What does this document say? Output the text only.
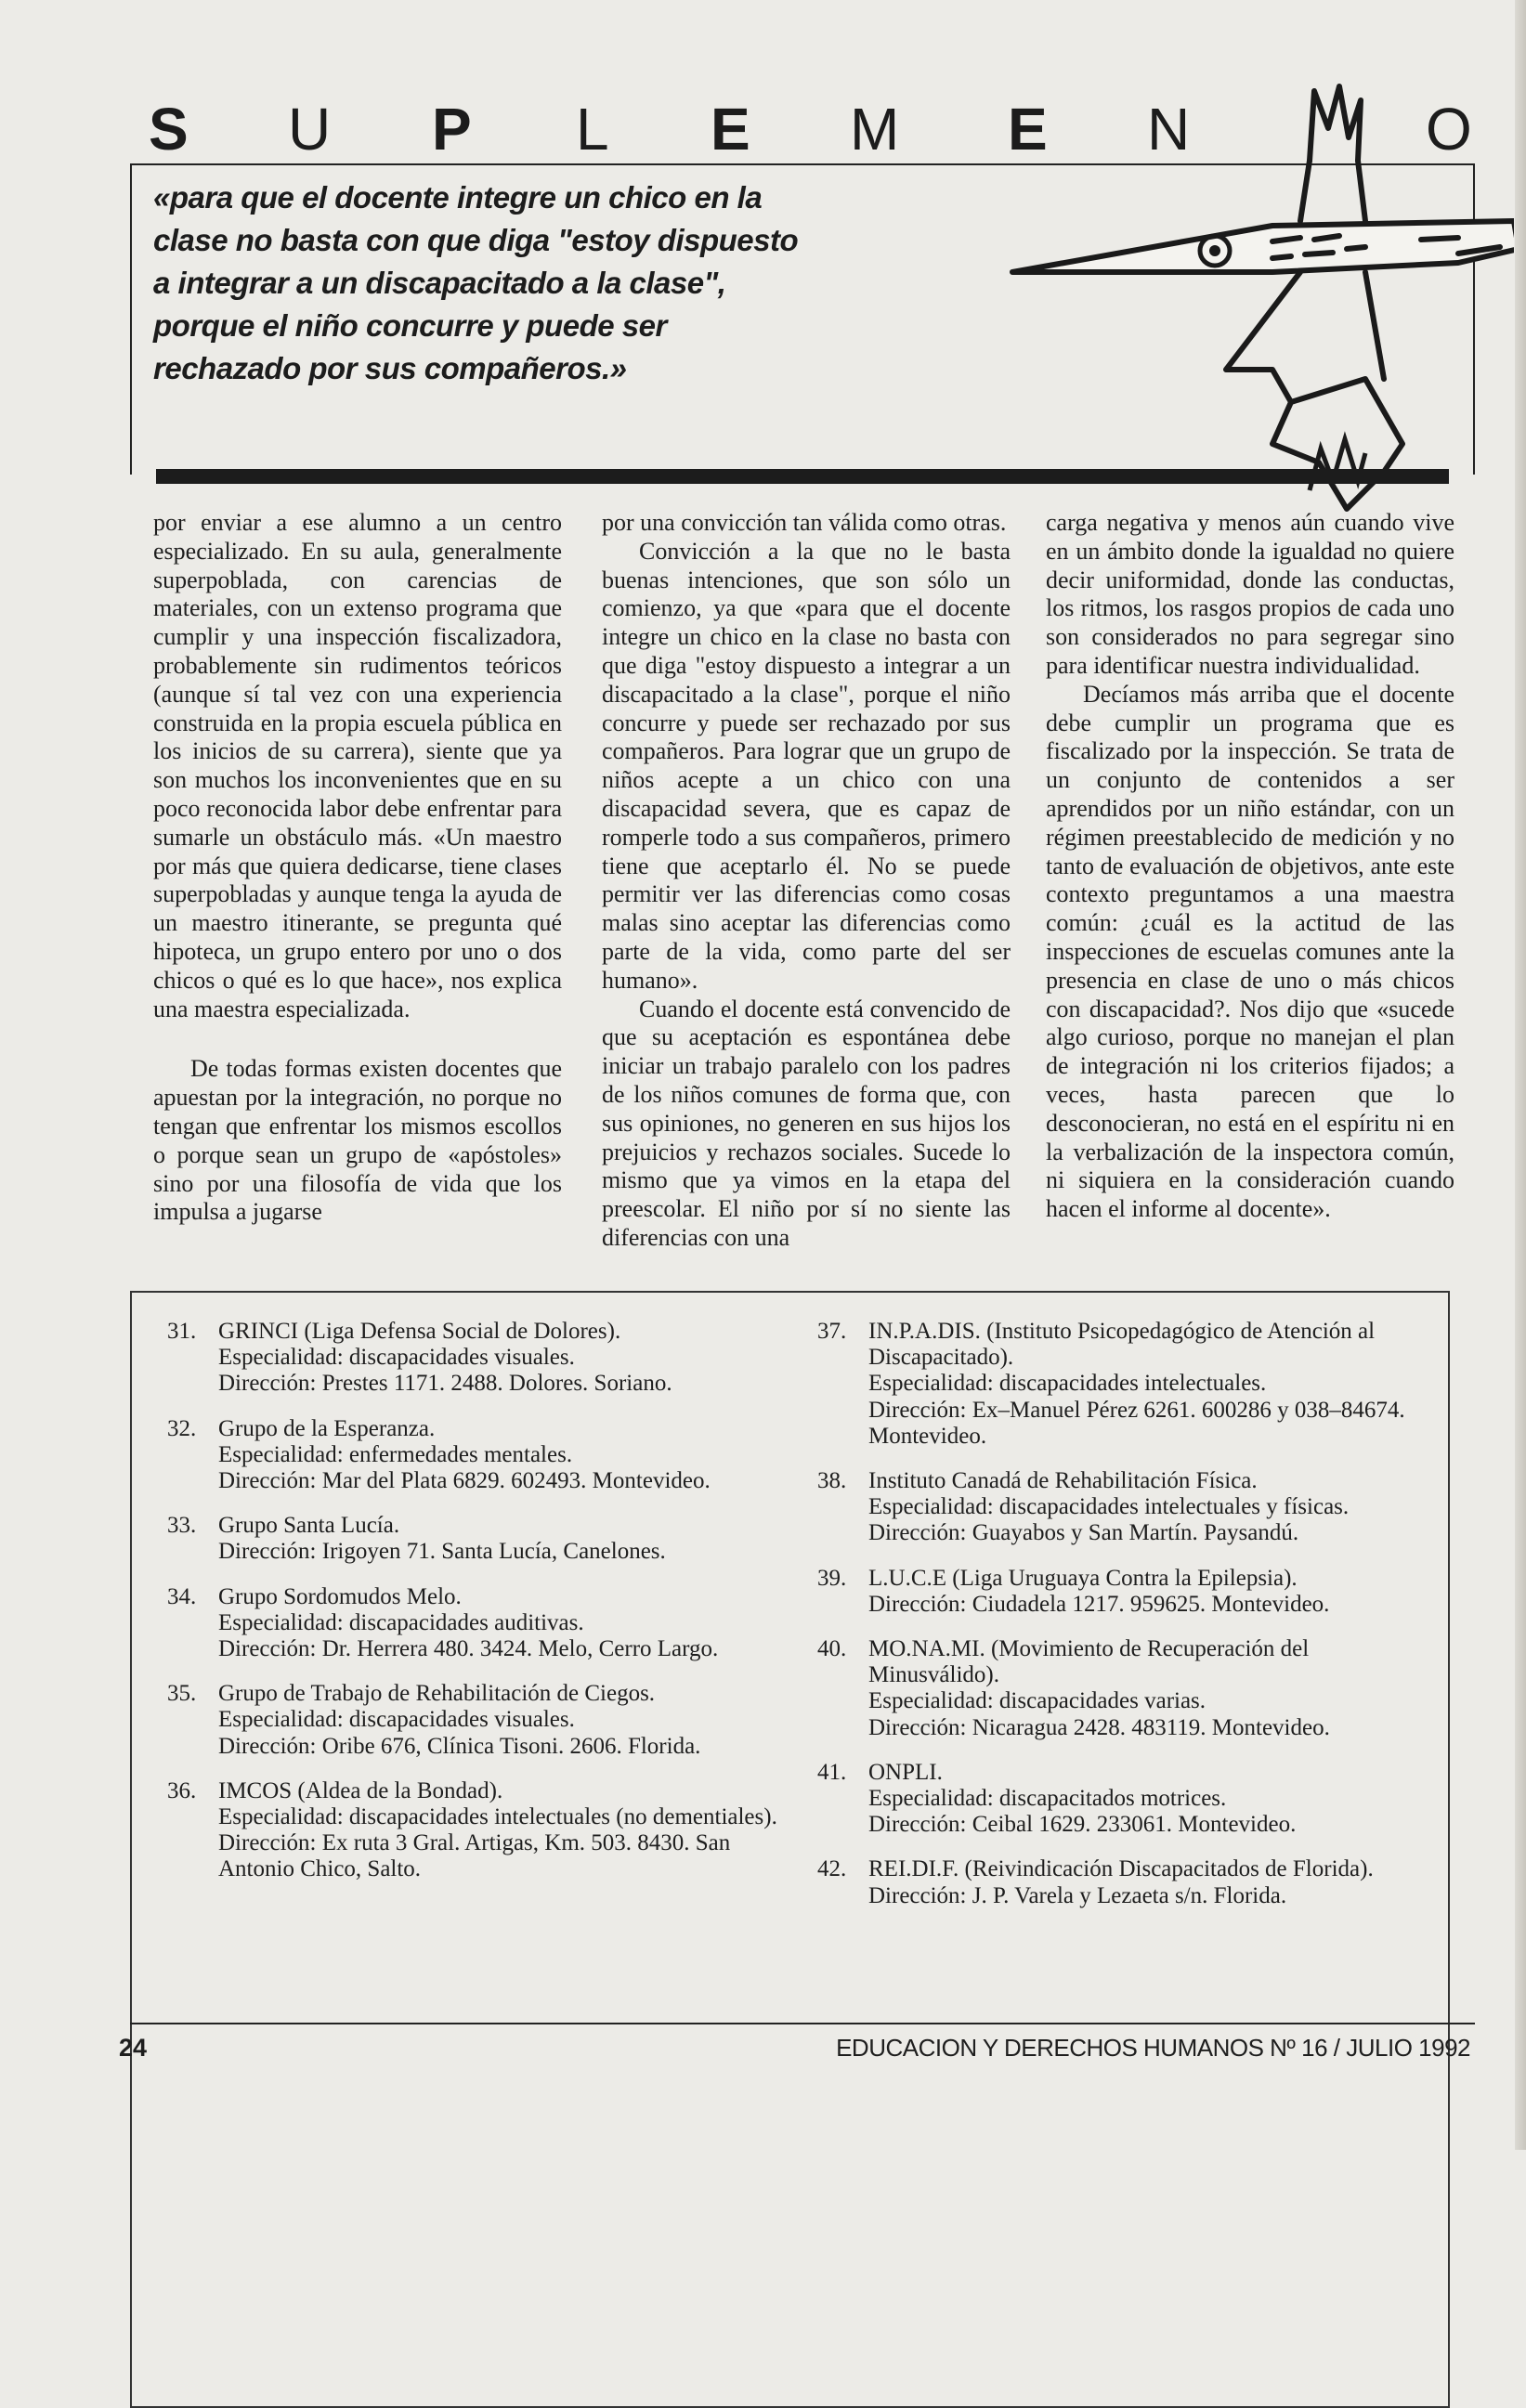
S U P L E M E N	O

«para que el docente integre un chico en la clase no basta con que diga "estoy dispuesto a integrar a un discapacitado a la clase", porque el niño concurre y puede ser rechazado por sus compañeros.»

por enviar a ese alumno a un centro especializado. En su aula, generalmente superpoblada, con carencias de materiales, con un extenso programa que cumplir y una inspección fiscalizadora, probablemente sin rudimentos teóricos (aunque sí tal vez con una experiencia construida en la propia escuela pública en los inicios de su carrera), siente que ya son muchos los inconvenientes que en su poco reconocida labor debe enfrentar para sumarle un obstáculo más. «Un maestro por más que quiera dedicarse, tiene clases superpobladas y aunque tenga la ayuda de un maestro itinerante, se pregunta qué hipoteca, un grupo entero por uno o dos chicos o qué es lo que hace», nos explica una maestra especializada.

De todas formas existen docentes que apuestan por la integración, no porque no tengan que enfrentar los mismos escollos o porque sean un grupo de «apóstoles» sino por una filosofía de vida que los impulsa a jugarse

por una convicción tan válida como otras.

Convicción a la que no le basta buenas intenciones, que son sólo un comienzo, ya que «para que el docente integre un chico en la clase no basta con que diga "estoy dispuesto a integrar a un discapacitado a la clase", porque el niño concurre y puede ser rechazado por sus compañeros. Para lograr que un grupo de niños acepte a un chico con una discapacidad severa, que es capaz de romperle todo a sus compañeros, primero tiene que aceptarlo él. No se puede permitir ver las diferencias como cosas malas sino aceptar las diferencias como parte de la vida, como parte del ser humano».

Cuando el docente está convencido de que su aceptación es espontánea debe iniciar un trabajo paralelo con los padres de los niños comunes de forma que, con sus opiniones, no generen en sus hijos los prejuicios y rechazos sociales. Sucede lo mismo que ya vimos en la etapa del preescolar. El niño por sí no siente las diferencias con una

carga negativa y menos aún cuando vive en un ámbito donde la igualdad no quiere decir uniformidad, donde las conductas, los ritmos, los rasgos propios de cada uno son considerados no para segregar sino para identificar nuestra individualidad.

Decíamos más arriba que el docente debe cumplir un programa que es fiscalizado por la inspección. Se trata de un conjunto de contenidos a ser aprendidos por un niño estándar, con un régimen preestablecido de medición y no tanto de evaluación de objetivos, ante este contexto preguntamos a una maestra común: ¿cuál es la actitud de las inspecciones de escuelas comunes ante la presencia en clase de uno o más chicos con discapacidad?. Nos dijo que «sucede algo curioso, porque no manejan el plan de integración ni los criterios fijados; a veces, hasta parecen que lo desconocieran, no está en el espíritu ni en la verbalización de la inspectora común, ni siquiera en la consideración cuando hacen el informe al docente».

31. GRINCI (Liga Defensa Social de Dolores).
Especialidad: discapacidades visuales.
Dirección: Prestes 1171. 2488. Dolores. Soriano.
32. Grupo de la Esperanza.
Especialidad: enfermedades mentales.
Dirección: Mar del Plata 6829. 602493. Montevideo.
33. Grupo Santa Lucía.
Dirección: Irigoyen 71. Santa Lucía, Canelones.
34. Grupo Sordomudos Melo.
Especialidad: discapacidades auditivas.
Dirección: Dr. Herrera 480. 3424. Melo, Cerro Largo.
35. Grupo de Trabajo de Rehabilitación de Ciegos.
Especialidad: discapacidades visuales.
Dirección: Oribe 676, Clínica Tisoni. 2606. Florida.
36. IMCOS (Aldea de la Bondad).
Especialidad: discapacidades intelectuales (no dementiales).
Dirección: Ex ruta 3 Gral. Artigas, Km. 503. 8430. San Antonio Chico, Salto.
37. IN.P.A.DIS. (Instituto Psicopedagógico de Atención al Discapacitado).
Especialidad: discapacidades intelectuales.
Dirección: Ex–Manuel Pérez 6261. 600286 y 038–84674. Montevideo.
38. Instituto Canadá de Rehabilitación Física.
Especialidad: discapacidades intelectuales y físicas.
Dirección: Guayabos y San Martín. Paysandú.
39. L.U.C.E (Liga Uruguaya Contra la Epilepsia).
Dirección: Ciudadela 1217. 959625. Montevideo.
40. MO.NA.MI. (Movimiento de Recuperación del Minusválido).
Especialidad: discapacidades varias.
Dirección: Nicaragua 2428. 483119. Montevideo.
41. ONPLI.
Especialidad: discapacitados motrices.
Dirección: Ceibal 1629. 233061. Montevideo.
42. REI.DI.F. (Reivindicación Discapacitados de Florida).
Dirección: J. P. Varela y Lezaeta s/n. Florida.
24	EDUCACION Y DERECHOS HUMANOS Nº 16 / JULIO 1992
